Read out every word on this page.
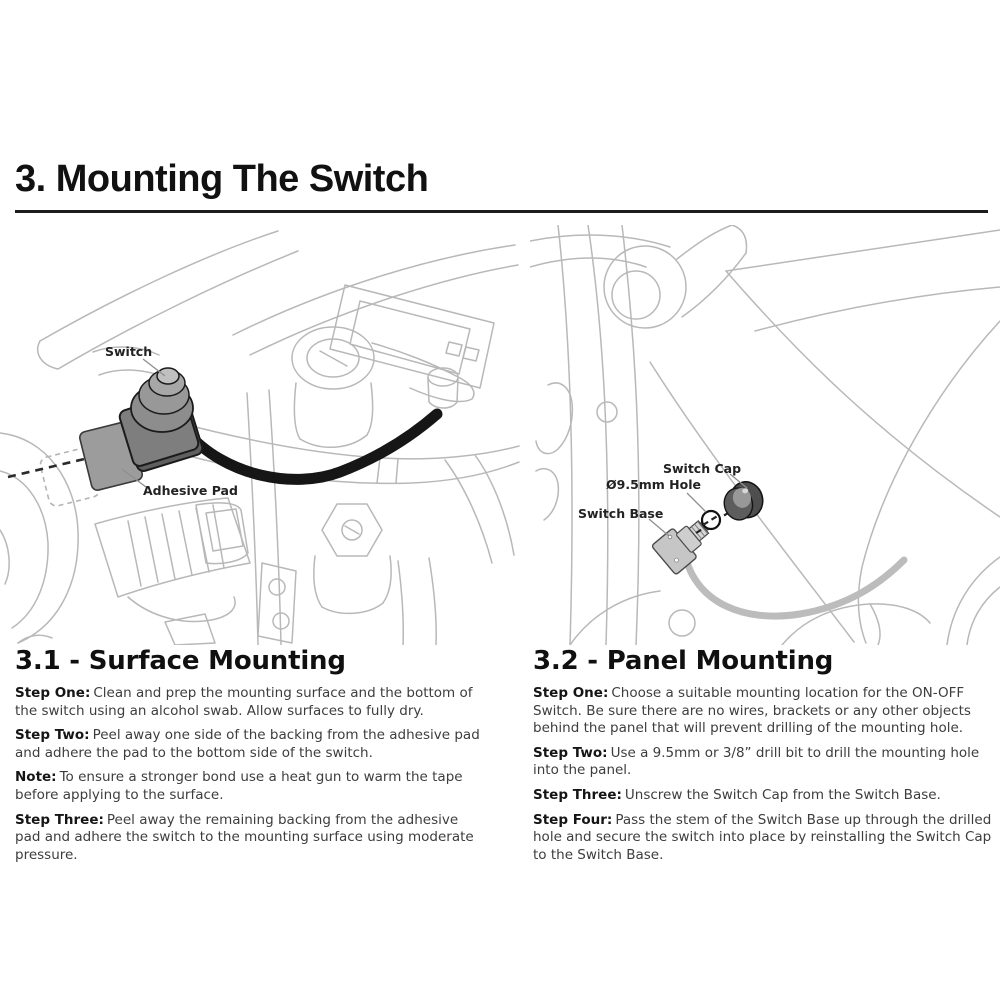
3. Mounting The Switch
Switch
Adhesive Pad
Switch Cap
Ø9.5mm Hole
Switch Base
3.1 - Surface Mounting

Step One: Clean and prep the mounting surface and the bottom of the switch using an alcohol swab. Allow surfaces to fully dry.

Step Two: Peel away one side of the backing from the adhesive pad and adhere the pad to the bottom side of the switch.

Note: To ensure a stronger bond use a heat gun to warm the tape before applying to the surface.

Step Three: Peel away the remaining backing from the adhesive pad and adhere the switch to the mounting surface using moderate pressure.

3.2 - Panel Mounting

Step One: Choose a suitable mounting location for the ON-OFF Switch. Be sure there are no wires, brackets or any other objects behind the panel that will prevent drilling of the mounting hole.

Step Two: Use a 9.5mm or 3/8” drill bit to drill the mounting hole into the panel.

Step Three: Unscrew the Switch Cap from the Switch Base.

Step Four: Pass the stem of the Switch Base up through the drilled hole and secure the switch into place by reinstalling the Switch Cap to the Switch Base.
